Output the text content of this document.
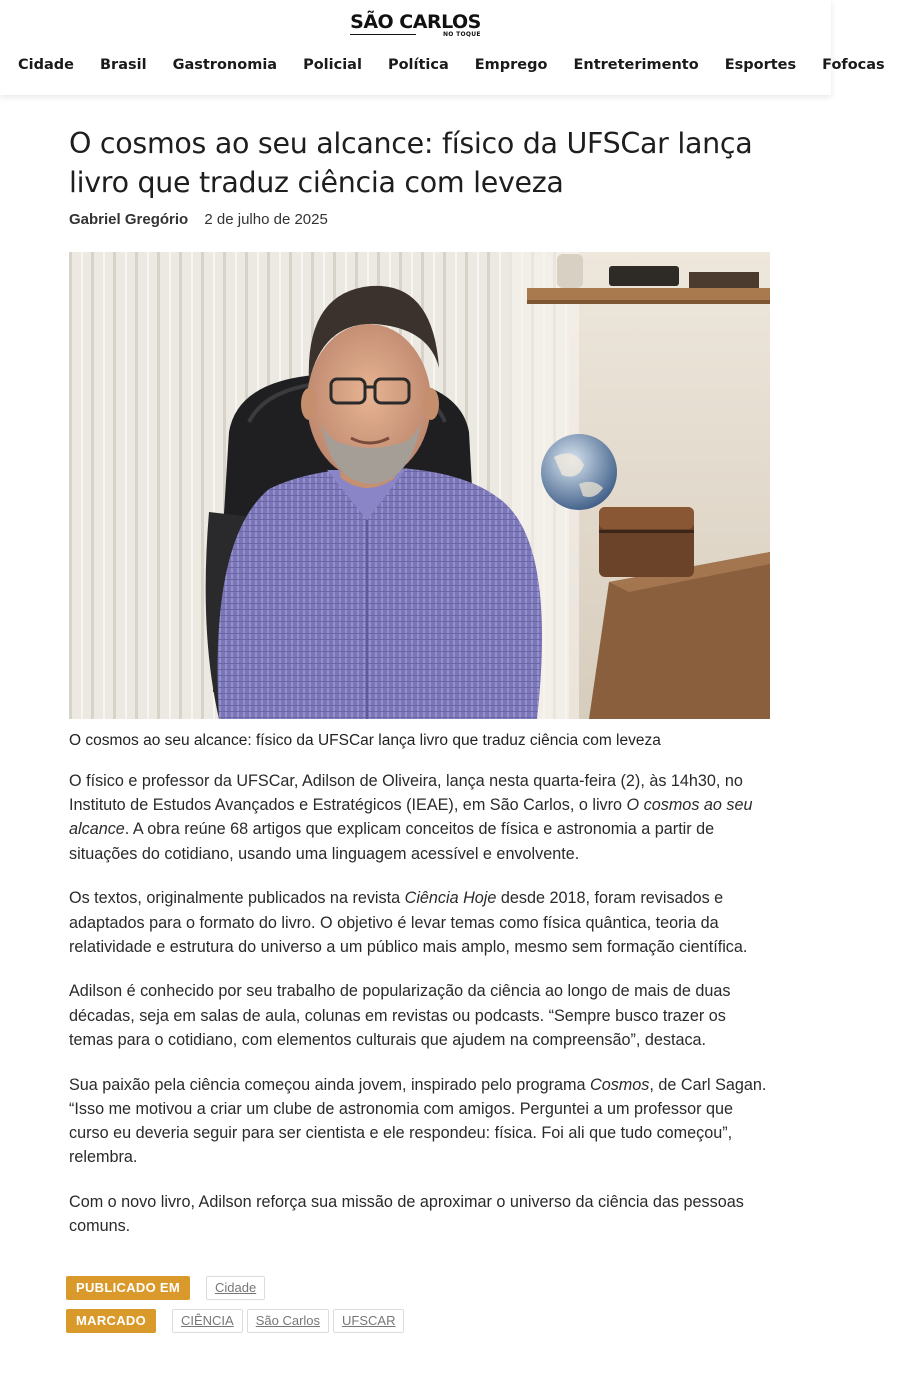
SÃO CARLOS
NO TOQUE
Cidade Brasil Gastronomia Policial Política Emprego Entreterimento Esportes Fofocas
O cosmos ao seu alcance: físico da UFSCar lança livro que traduz ciência com leveza
Gabriel Gregório 2 de julho de 2025

O cosmos ao seu alcance: físico da UFSCar lança livro que traduz ciência com leveza

O físico e professor da UFSCar, Adilson de Oliveira, lança nesta quarta-feira (2), às 14h30, no Instituto de Estudos Avançados e Estratégicos (IEAE), em São Carlos, o livro O cosmos ao seu alcance. A obra reúne 68 artigos que explicam conceitos de física e astronomia a partir de situações do cotidiano, usando uma linguagem acessível e envolvente.

Os textos, originalmente publicados na revista Ciência Hoje desde 2018, foram revisados e adaptados para o formato do livro. O objetivo é levar temas como física quântica, teoria da relatividade e estrutura do universo a um público mais amplo, mesmo sem formação científica.

Adilson é conhecido por seu trabalho de popularização da ciência ao longo de mais de duas décadas, seja em salas de aula, colunas em revistas ou podcasts. “Sempre busco trazer os temas para o cotidiano, com elementos culturais que ajudem na compreensão”, destaca.

Sua paixão pela ciência começou ainda jovem, inspirado pelo programa Cosmos, de Carl Sagan. “Isso me motivou a criar um clube de astronomia com amigos. Perguntei a um professor que curso eu deveria seguir para ser cientista e ele respondeu: física. Foi ali que tudo começou”, relembra.

Com o novo livro, Adilson reforça sua missão de aproximar o universo da ciência das pessoas comuns.

PUBLICADO EM	Cidade
MARCADO	CIÊNCIA São Carlos UFSCAR
